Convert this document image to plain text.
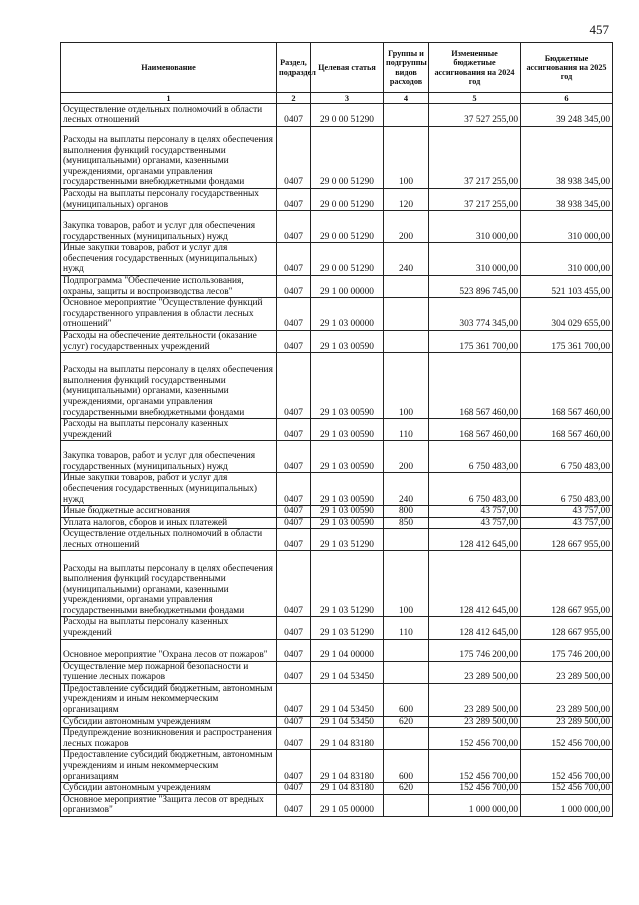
457
Наименование	Раздел, подраздел	Целевая статья	Группы и подгруппы видов расходов	Измененные бюджетные ассигнования на 2024 год	Бюджетные ассигнования на 2025 год
1	2	3	4	5	6
Осуществление отдельных полномочий в области лесных отношений	0407	29 0 00 51290		37 527 255,00	39 248 345,00
Расходы на выплаты персоналу в целях обеспечения выполнения функций государственными (муниципальными) органами, казенными учреждениями, органами управления государственными внебюджетными фондами	0407	29 0 00 51290	100	37 217 255,00	38 938 345,00
Расходы на выплаты персоналу государственных (муниципальных) органов	0407	29 0 00 51290	120	37 217 255,00	38 938 345,00
Закупка товаров, работ и услуг для обеспечения государственных (муниципальных) нужд	0407	29 0 00 51290	200	310 000,00	310 000,00
Иные закупки товаров, работ и услуг для обеспечения государственных (муниципальных) нужд	0407	29 0 00 51290	240	310 000,00	310 000,00
Подпрограмма "Обеспечение использования, охраны, защиты и воспроизводства лесов"	0407	29 1 00 00000		523 896 745,00	521 103 455,00
Основное мероприятие "Осуществление функций государственного управления в области лесных отношений"	0407	29 1 03 00000		303 774 345,00	304 029 655,00
Расходы на обеспечение деятельности (оказание услуг) государственных учреждений	0407	29 1 03 00590		175 361 700,00	175 361 700,00
Расходы на выплаты персоналу в целях обеспечения выполнения функций государственными (муниципальными) органами, казенными учреждениями, органами управления государственными внебюджетными фондами	0407	29 1 03 00590	100	168 567 460,00	168 567 460,00
Расходы на выплаты персоналу казенных учреждений	0407	29 1 03 00590	110	168 567 460,00	168 567 460,00
Закупка товаров, работ и услуг для обеспечения государственных (муниципальных) нужд	0407	29 1 03 00590	200	6 750 483,00	6 750 483,00
Иные закупки товаров, работ и услуг для обеспечения государственных (муниципальных) нужд	0407	29 1 03 00590	240	6 750 483,00	6 750 483,00
Иные бюджетные ассигнования	0407	29 1 03 00590	800	43 757,00	43 757,00
Уплата налогов, сборов и иных платежей	0407	29 1 03 00590	850	43 757,00	43 757,00
Осуществление отдельных полномочий в области лесных отношений	0407	29 1 03 51290		128 412 645,00	128 667 955,00
Расходы на выплаты персоналу в целях обеспечения выполнения функций государственными (муниципальными) органами, казенными учреждениями, органами управления государственными внебюджетными фондами	0407	29 1 03 51290	100	128 412 645,00	128 667 955,00
Расходы на выплаты персоналу казенных учреждений	0407	29 1 03 51290	110	128 412 645,00	128 667 955,00
Основное мероприятие "Охрана лесов от пожаров"	0407	29 1 04 00000		175 746 200,00	175 746 200,00
Осуществление мер пожарной безопасности и тушение лесных пожаров	0407	29 1 04 53450		23 289 500,00	23 289 500,00
Предоставление субсидий бюджетным, автономным учреждениям и иным некоммерческим организациям	0407	29 1 04 53450	600	23 289 500,00	23 289 500,00
Субсидии автономным учреждениям	0407	29 1 04 53450	620	23 289 500,00	23 289 500,00
Предупреждение возникновения и распространения лесных пожаров	0407	29 1 04 83180		152 456 700,00	152 456 700,00
Предоставление субсидий бюджетным, автономным учреждениям и иным некоммерческим организациям	0407	29 1 04 83180	600	152 456 700,00	152 456 700,00
Субсидии автономным учреждениям	0407	29 1 04 83180	620	152 456 700,00	152 456 700,00
Основное мероприятие "Защита лесов от вредных организмов"	0407	29 1 05 00000		1 000 000,00	1 000 000,00
